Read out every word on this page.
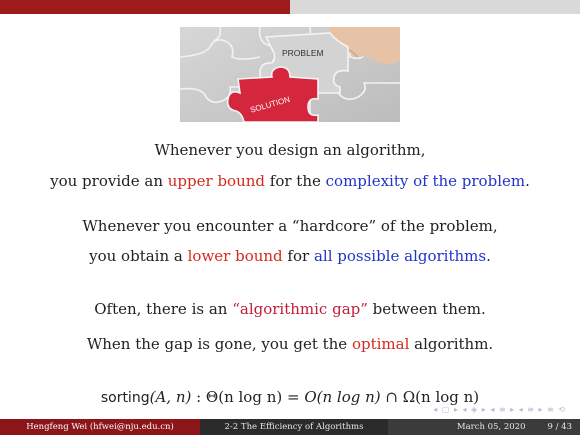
PROBLEM
SOLUTION
Whenever you design an algorithm,
you provide an upper bound for the complexity of the problem.
Whenever you encounter a “hardcore” of the problem,
you obtain a lower bound for all possible algorithms.
Often, there is an “algorithmic gap” between them.
When the gap is gone, you get the optimal algorithm.
sorting(A, n) : Θ(n log n) = O(n log n) ∩ Ω(n log n)
◂ ▢ ▸ ◂ ◈ ▸ ◂ ≡ ▸ ◂ ≡ ▸ ≡ ⟲
Hengfeng Wei (hfwei@nju.edu.cn)	2-2 The Efficiency of Algorithms	March 05, 2020	9 / 43
